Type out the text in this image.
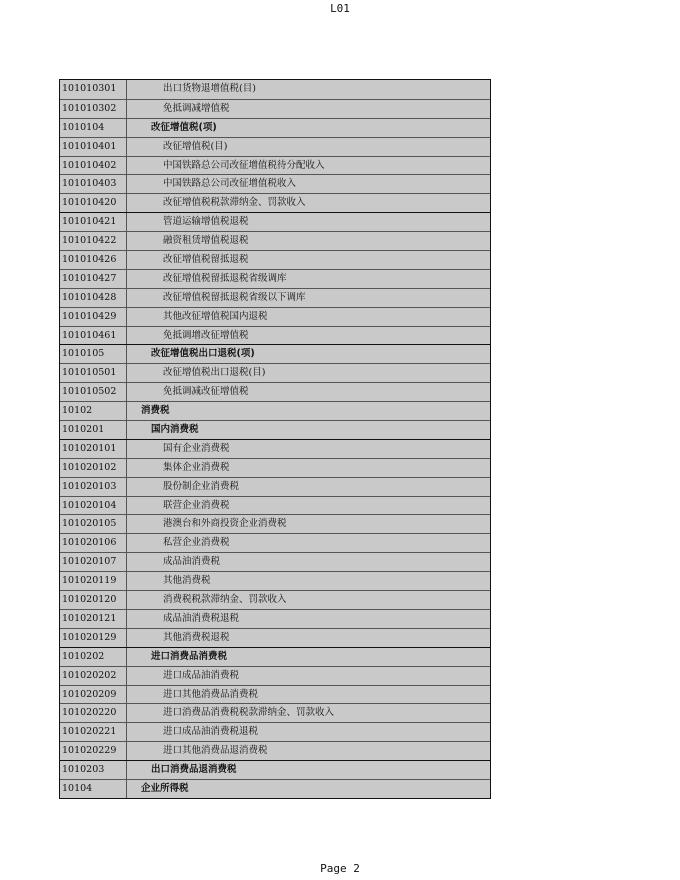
L01
101010301	出口货物退增值税(目)
101010302	免抵调减增值税
1010104	改征增值税(项)
101010401	改征增值税(目)
101010402	中国铁路总公司改征增值税待分配收入
101010403	中国铁路总公司改征增值税收入
101010420	改征增值税税款滞纳金、罚款收入
101010421	管道运输增值税退税
101010422	融资租赁增值税退税
101010426	改征增值税留抵退税
101010427	改征增值税留抵退税省级调库
101010428	改征增值税留抵退税省级以下调库
101010429	其他改征增值税国内退税
101010461	免抵调增改征增值税
1010105	改征增值税出口退税(项)
101010501	改征增值税出口退税(目)
101010502	免抵调减改征增值税
10102	消费税
1010201	国内消费税
101020101	国有企业消费税
101020102	集体企业消费税
101020103	股份制企业消费税
101020104	联营企业消费税
101020105	港澳台和外商投资企业消费税
101020106	私营企业消费税
101020107	成品油消费税
101020119	其他消费税
101020120	消费税税款滞纳金、罚款收入
101020121	成品油消费税退税
101020129	其他消费税退税
1010202	进口消费品消费税
101020202	进口成品油消费税
101020209	进口其他消费品消费税
101020220	进口消费品消费税税款滞纳金、罚款收入
101020221	进口成品油消费税退税
101020229	进口其他消费品退消费税
1010203	出口消费品退消费税
10104	企业所得税
Page 2
